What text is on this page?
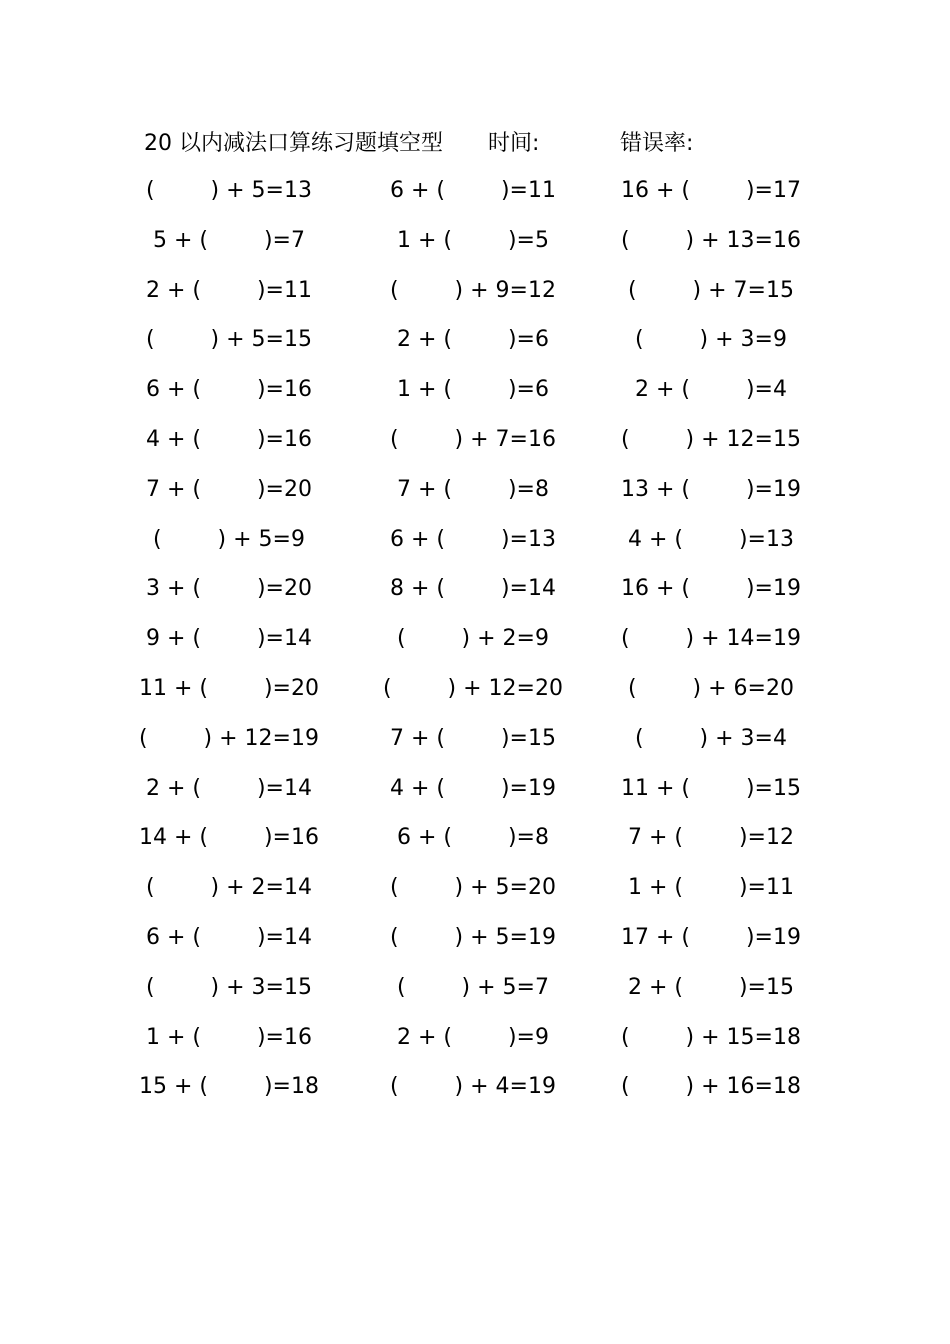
20 以内减法口算练习题填空型 时间:	错误率:
(        ) + 5=13	6 + (        )=11	16 + (        )=17
5 + (        )=7	1 + (        )=5	(        ) + 13=16
2 + (        )=11	(        ) + 9=12	(        ) + 7=15
(        ) + 5=15	2 + (        )=6	(        ) + 3=9
6 + (        )=16	1 + (        )=6	2 + (        )=4
4 + (        )=16	(        ) + 7=16	(        ) + 12=15
7 + (        )=20	7 + (        )=8	13 + (        )=19
(        ) + 5=9	6 + (        )=13	4 + (        )=13
3 + (        )=20	8 + (        )=14	16 + (        )=19
9 + (        )=14	(        ) + 2=9	(        ) + 14=19
11 + (        )=20	(        ) + 12=20	(        ) + 6=20
(        ) + 12=19	7 + (        )=15	(        ) + 3=4
2 + (        )=14	4 + (        )=19	11 + (        )=15
14 + (        )=16	6 + (        )=8	7 + (        )=12
(        ) + 2=14	(        ) + 5=20	1 + (        )=11
6 + (        )=14	(        ) + 5=19	17 + (        )=19
(        ) + 3=15	(        ) + 5=7	2 + (        )=15
1 + (        )=16	2 + (        )=9	(        ) + 15=18
15 + (        )=18	(        ) + 4=19	(        ) + 16=18
